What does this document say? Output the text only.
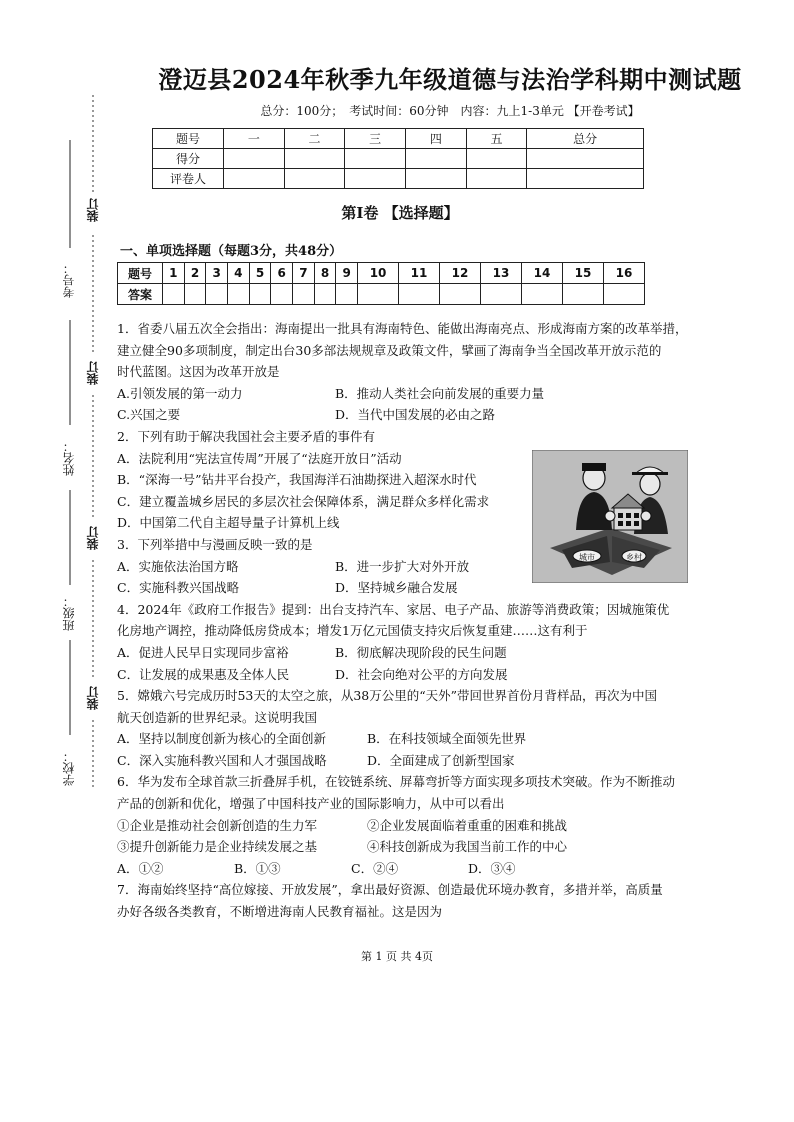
考号：
姓名：
班级：
学校：
装订
装订
装订
装订
澄迈县2024年秋季九年级道德与法治学科期中测试题
总分：100分；　考试时间：60分钟　内容：九上1-3单元 【开卷考试】
题号	一	二	三	四	五	总分
得分						
评卷人						
第Ⅰ卷 【选择题】
一、单项选择题（每题3分，共48分）
题号	1	2	3	4	5	6	7	8	9	10	11	12	13	14	15	16
答案																
1．省委八届五次全会指出：海南提出一批具有海南特色、能做出海南亮点、形成海南方案的改革举措，
建立健全90多项制度，制定出台30多部法规规章及政策文件，擘画了海南争当全国改革开放示范的
时代蓝图。这因为改革开放是
A.引领发展的第一动力	B．推动人类社会向前发展的重要力量
C.兴国之要	D．当代中国发展的必由之路
2．下列有助于解决我国社会主要矛盾的事件有
A．法院利用“宪法宣传周”开展了“法庭开放日”活动
B．“深海一号”钻井平台投产，我国海洋石油勘探进入超深水时代
C．建立覆盖城乡居民的多层次社会保障体系，满足群众多样化需求
D．中国第二代自主超导量子计算机上线
3．下列举措中与漫画反映一致的是
A．实施依法治国方略	B．进一步扩大对外开放
C．实施科教兴国战略	D．坚持城乡融合发展
4．2024年《政府工作报告》提到：出台支持汽车、家居、电子产品、旅游等消费政策；因城施策优
化房地产调控，推动降低房贷成本；增发1万亿元国债支持灾后恢复重建……这有利于
A．促进人民早日实现同步富裕	B．彻底解决现阶段的民生问题
C．让发展的成果惠及全体人民	D．社会向绝对公平的方向发展
5．嫦娥六号完成历时53天的太空之旅，从38万公里的“天外”带回世界首份月背样品，再次为中国
航天创造新的世界纪录。这说明我国
A．坚持以制度创新为核心的全面创新	B．在科技领域全面领先世界
C．深入实施科教兴国和人才强国战略	D．全面建成了创新型国家
6．华为发布全球首款三折叠屏手机，在铰链系统、屏幕弯折等方面实现多项技术突破。作为不断推动
产品的创新和优化，增强了中国科技产业的国际影响力，从中可以看出
①企业是推动社会创新创造的生力军	②企业发展面临着重重的困难和挑战
③提升创新能力是企业持续发展之基	④科技创新成为我国当前工作的中心
A．①②	B．①③	C．②④	D．③④
7．海南始终坚持“高位嫁接、开放发展”，拿出最好资源、创造最优环境办教育，多措并举，高质量
办好各级各类教育，不断增进海南人民教育福祉。这是因为
城市	乡村
第 1 页 共 4页
